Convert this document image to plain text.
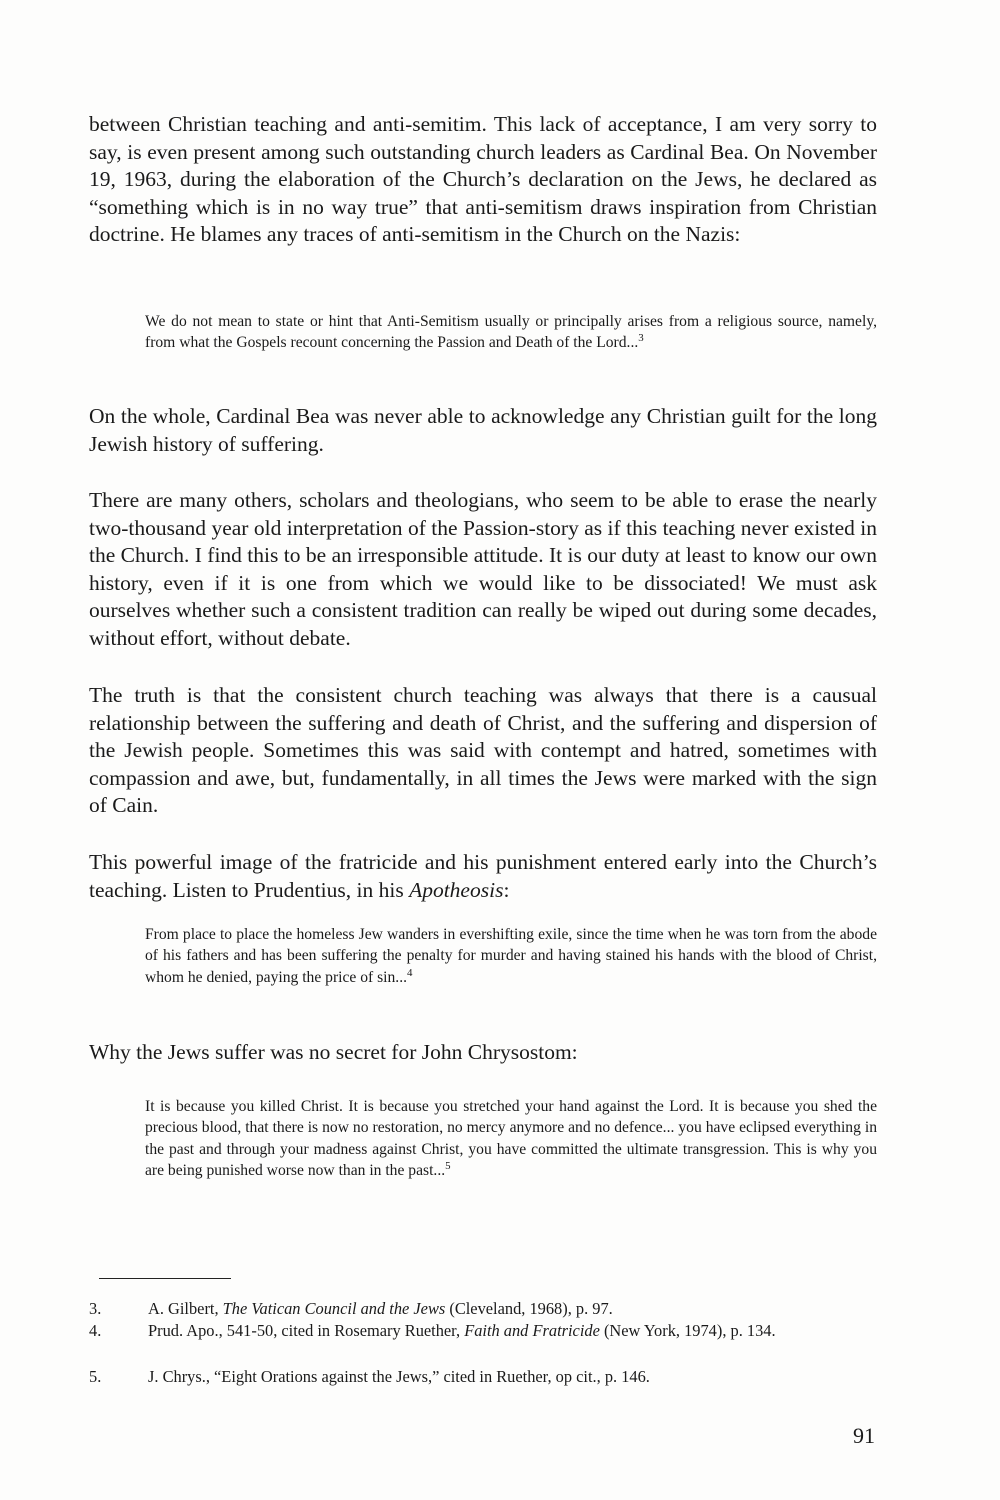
between Christian teaching and anti-semitim. This lack of acceptance, I am very sorry to say, is even present among such outstanding church leaders as Cardinal Bea. On November 19, 1963, during the elaboration of the Church’s declaration on the Jews, he declared as “something which is in no way true” that anti-semitism draws inspiration from Christian doctrine. He blames any traces of anti-semitism in the Church on the Nazis:

We do not mean to state or hint that Anti-Semitism usually or principally arises from a religious source, namely, from what the Gospels recount concerning the Passion and Death of the Lord...$^3$

On the whole, Cardinal Bea was never able to acknowledge any Christian guilt for the long Jewish history of suffering.

There are many others, scholars and theologians, who seem to be able to erase the nearly two-thousand year old interpretation of the Passion-story as if this teaching never existed in the Church. I find this to be an irresponsible attitude. It is our duty at least to know our own history, even if it is one from which we would like to be dissociated! We must ask ourselves whether such a consistent tradition can really be wiped out during some decades, without effort, without debate.

The truth is that the consistent church teaching was always that there is a causual relationship between the suffering and death of Christ, and the suffering and dispersion of the Jewish people. Sometimes this was said with contempt and hatred, sometimes with compassion and awe, but, fundamentally, in all times the Jews were marked with the sign of Cain.

This powerful image of the fratricide and his punishment entered early into the Church’s teaching. Listen to Prudentius, in his Apotheosis:

From place to place the homeless Jew wanders in evershifting exile, since the time when he was torn from the abode of his fathers and has been suffering the penalty for murder and having stained his hands with the blood of Christ, whom he denied, paying the price of sin...$^4$

Why the Jews suffer was no secret for John Chrysostom:

It is because you killed Christ. It is because you stretched your hand against the Lord. It is because you shed the precious blood, that there is now no restoration, no mercy anymore and no defence... you have eclipsed everything in the past and through your madness against Christ, you have committed the ultimate transgression. This is why you are being punished worse now than in the past...$^5$

3.	A. Gilbert, The Vatican Council and the Jews (Cleveland, 1968), p. 97.

4.	Prud. Apo., 541-50, cited in Rosemary Ruether, Faith and Fratricide (New York, 1974), p. 134.

5.	J. Chrys., “Eight Orations against the Jews,” cited in Ruether, op cit., p. 146.

91
